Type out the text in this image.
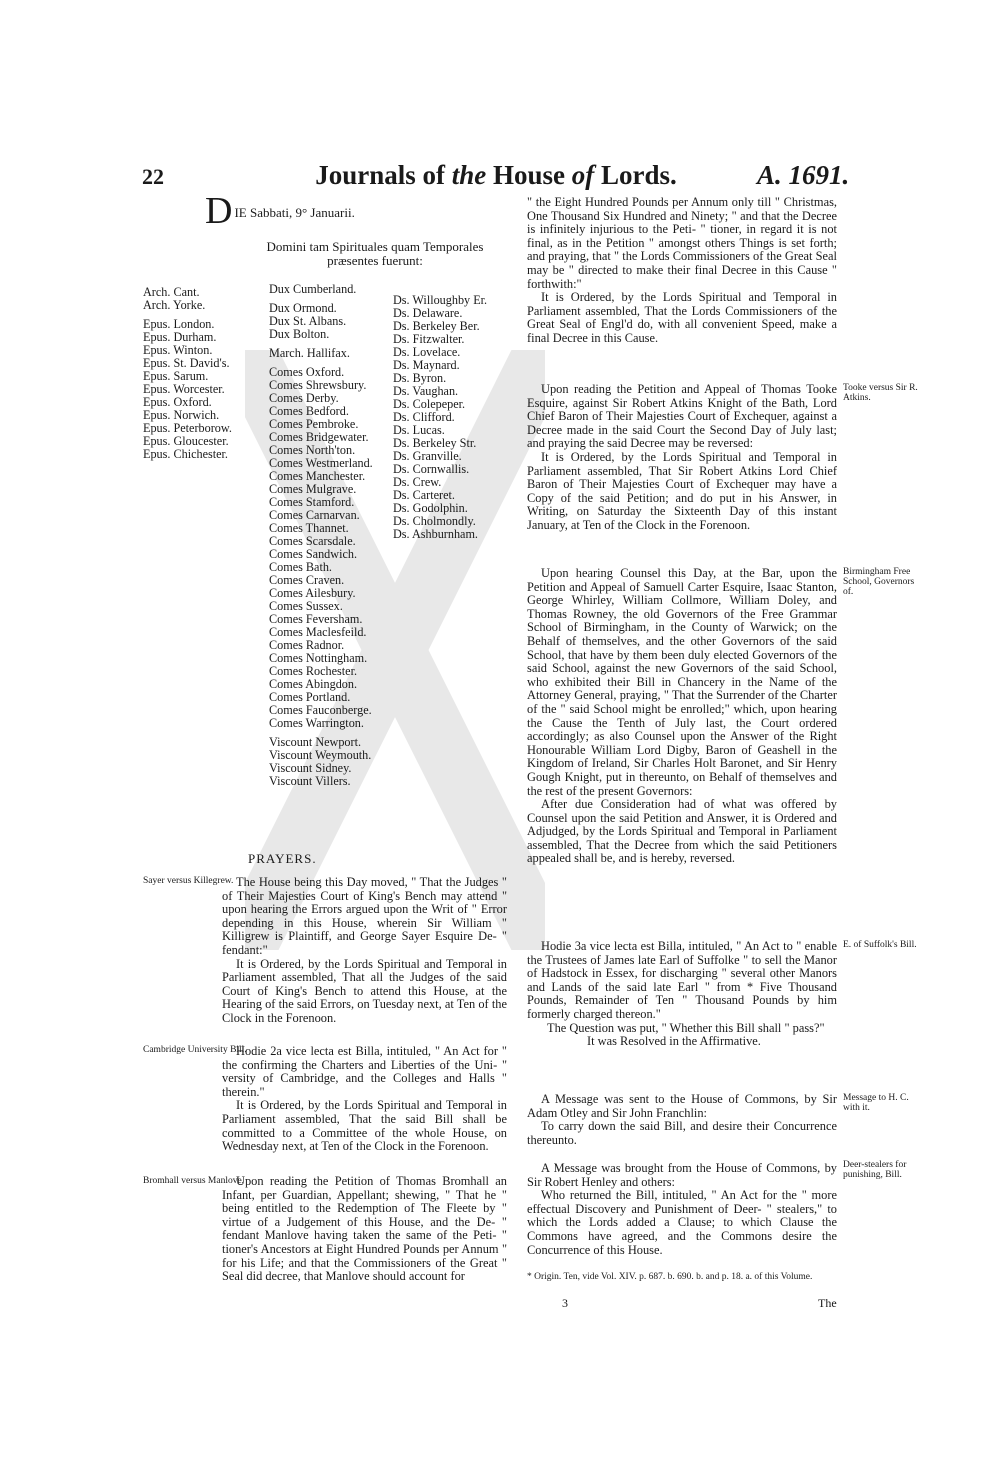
22	Journals of the House of Lords.	A. 1691.
D $_{IE Sabbati, 9^\circ Januarii.}$
Domini tam Spirituales quam Temporales præsentes fuerunt:
Arch. Cant.
Arch. Yorke.
Epus. London.
Epus. Durham.
Epus. Winton.
Epus. St. David's.
Epus. Sarum.
Epus. Worcester.
Epus. Oxford.
Epus. Norwich.
Epus. Peterborow.
Epus. Gloucester.
Epus. Chichester.
Dux Cumberland.
Dux Ormond.
Dux St. Albans.
Dux Bolton.
March. Hallifax.
Comes Oxford.
Comes Shrewsbury.
Comes Derby.
Comes Bedford.
Comes Pembroke.
Comes Bridgewater.
Comes North'ton.
Comes Westmerland.
Comes Manchester.
Comes Mulgrave.
Comes Stamford.
Comes Carnarvan.
Comes Thannet.
Comes Scarsdale.
Comes Sandwich.
Comes Bath.
Comes Craven.
Comes Ailesbury.
Comes Sussex.
Comes Feversham.
Comes Maclesfeild.
Comes Radnor.
Comes Nottingham.
Comes Rochester.
Comes Abingdon.
Comes Portland.
Comes Fauconberge.
Comes Warrington.
Viscount Newport.
Viscount Weymouth.
Viscount Sidney.
Viscount Villers.
Ds. Willoughby Er.
Ds. Delaware.
Ds. Berkeley Ber.
Ds. Fitzwalter.
Ds. Lovelace.
Ds. Maynard.
Ds. Byron.
Ds. Vaughan.
Ds. Colepeper.
Ds. Clifford.
Ds. Lucas.
Ds. Berkeley Str.
Ds. Granville.
Ds. Cornwallis.
Ds. Crew.
Ds. Carteret.
Ds. Godolphin.
Ds. Cholmondly.
Ds. Ashburnham.
PRAYERS.
Sayer versus Killegrew. The House being this Day moved, " That the Judges " of Their Majesties Court of King's Bench may attend " upon hearing the Errors argued upon the Writ of " Error depending in this House, wherein Sir William " Killigrew is Plaintiff, and George Sayer Esquire De- " fendant:"

It is Ordered, by the Lords Spiritual and Temporal in Parliament assembled, That all the Judges of the said Court of King's Bench to attend this House, at the Hearing of the said Errors, on Tuesday next, at Ten of the Clock in the Forenoon.

Cambridge University Bill.

Hodie 2a vice lecta est Billa, intituled, " An Act for " the confirming the Charters and Liberties of the Uni- " versity of Cambridge, and the Colleges and Halls " therein."

It is Ordered, by the Lords Spiritual and Temporal in Parliament assembled, That the said Bill shall be committed to a Committee of the whole House, on Wednesday next, at Ten of the Clock in the Forenoon.

Bromhall versus Manlove.

Upon reading the Petition of Thomas Bromhall an Infant, per Guardian, Appellant; shewing, " That he " being entitled to the Redemption of The Fleete by " virtue of a Judgement of this House, and the De- " fendant Manlove having taken the same of the Peti- " tioner's Ancestors at Eight Hundred Pounds per Annum " for his Life; and that the Commissioners of the Great " Seal did decree, that Manlove should account for

" the Eight Hundred Pounds per Annum only till " Christmas, One Thousand Six Hundred and Ninety; " and that the Decree is infinitely injurious to the Peti- " tioner, in regard it is not final, as in the Petition " amongst others Things is set forth; and praying, that " the Lords Commissioners of the Great Seal may be " directed to make their final Decree in this Cause " forthwith:"

It is Ordered, by the Lords Spiritual and Temporal in Parliament assembled, That the Lords Commissioners of the Great Seal of Engl'd do, with all convenient Speed, make a final Decree in this Cause.

Tooke versus Sir R. Atkins.

Upon reading the Petition and Appeal of Thomas Tooke Esquire, against Sir Robert Atkins Knight of the Bath, Lord Chief Baron of Their Majesties Court of Exchequer, against a Decree made in the said Court the Second Day of July last; and praying the said Decree may be reversed:

It is Ordered, by the Lords Spiritual and Temporal in Parliament assembled, That Sir Robert Atkins Lord Chief Baron of Their Majesties Court of Exchequer may have a Copy of the said Petition; and do put in his Answer, in Writing, on Saturday the Sixteenth Day of this instant January, at Ten of the Clock in the Forenoon.

Birmingham Free School, Governors of.

Upon hearing Counsel this Day, at the Bar, upon the Petition and Appeal of Samuell Carter Esquire, Isaac Stanton, George Whirley, William Collmore, William Doley, and Thomas Rowney, the old Governors of the Free Grammar School of Birmingham, in the County of Warwick; on the Behalf of themselves, and the other Governors of the said School, that have by them been duly elected Governors of the said School, against the new Governors of the said School, who exhibited their Bill in Chancery in the Name of the Attorney General, praying, " That the Surrender of the Charter of the " said School might be enrolled;" which, upon hearing the Cause the Tenth of July last, the Court ordered accordingly; as also Counsel upon the Answer of the Right Honourable William Lord Digby, Baron of Geashell in the Kingdom of Ireland, Sir Charles Holt Baronet, and Sir Henry Gough Knight, put in thereunto, on Behalf of themselves and the rest of the present Governors:

After due Consideration had of what was offered by Counsel upon the said Petition and Answer, it is Ordered and Adjudged, by the Lords Spiritual and Temporal in Parliament assembled, That the Decree from which the said Petitioners appealed shall be, and is hereby, reversed.

E. of Suffolk's Bill.

Hodie 3a vice lecta est Billa, intituled, " An Act to " enable the Trustees of James late Earl of Suffolke " to sell the Manor of Hadstock in Essex, for discharging " several other Manors and Lands of the said late Earl " from * Five Thousand Pounds, Remainder of Ten " Thousand Pounds by him formerly charged thereon."

The Question was put, " Whether this Bill shall " pass?"

It was Resolved in the Affirmative.

Message to H. C. with it.

A Message was sent to the House of Commons, by Sir Adam Otley and Sir John Franchlin:

To carry down the said Bill, and desire their Concurrence thereunto.

Deer-stealers for punishing, Bill.

A Message was brought from the House of Commons, by Sir Robert Henley and others:

Who returned the Bill, intituled, " An Act for the " more effectual Discovery and Punishment of Deer- " stealers," to which the Lords added a Clause; to which Clause the Commons have agreed, and the Commons desire the Concurrence of this House.

* Origin. Ten, vide Vol. XIV. p. 687. b. 690. b. and p. 18. a. of this Volume.
3	The
